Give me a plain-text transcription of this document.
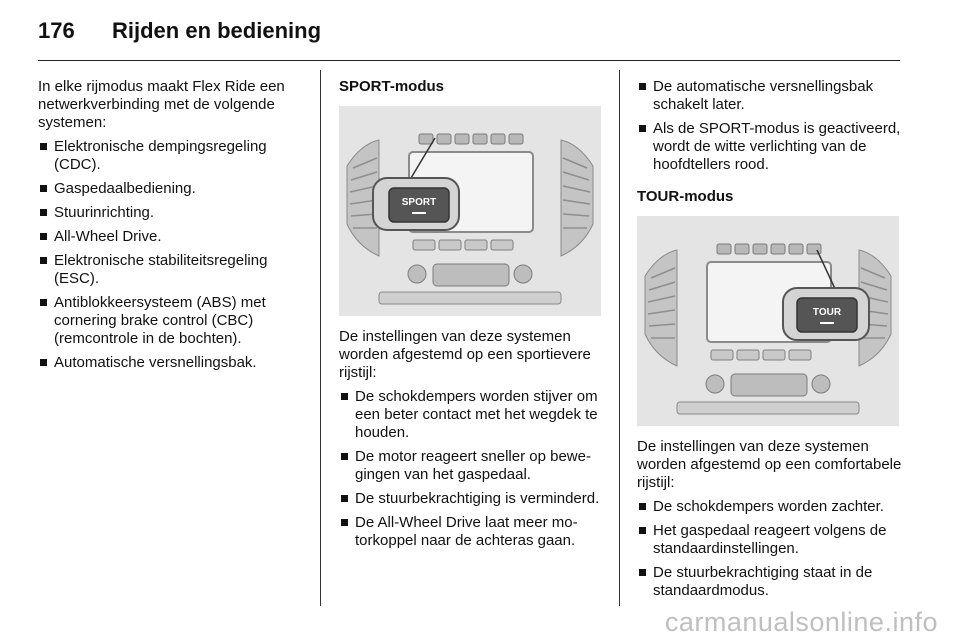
176	Rijden en bediening

In elke rijmodus maakt Flex Ride een netwerkverbinding met de volgende systemen:

Elektronische dempingsregeling (CDC).
Gaspedaalbediening.
Stuurinrichting.
All-Wheel Drive.
Elektronische stabiliteitsregeling (ESC).
Antiblokkeersysteem (ABS) met cornering brake control (CBC) (remcontrole in de bochten).
Automatische versnellingsbak.
SPORT-modus
SPORT

De instellingen van deze systemen worden afgestemd op een sportievere rijstijl:

De schokdempers worden stijver om een beter contact met het wegdek te houden.
De motor reageert sneller op bewegingen van het gaspedaal.
De stuurbekrachtiging is verminderd.
De All-Wheel Drive laat meer motorkoppel naar de achteras gaan.
De automatische versnellingsbak schakelt later.
Als de SPORT-modus is geactiveerd, wordt de witte verlichting van de hoofdtellers rood.
TOUR-modus
TOUR

De instellingen van deze systemen worden afgestemd op een comfortabele rijstijl:

De schokdempers worden zachter.
Het gaspedaal reageert volgens de standaardinstellingen.
De stuurbekrachtiging staat in de standaardmodus.
carmanualsonline.info
